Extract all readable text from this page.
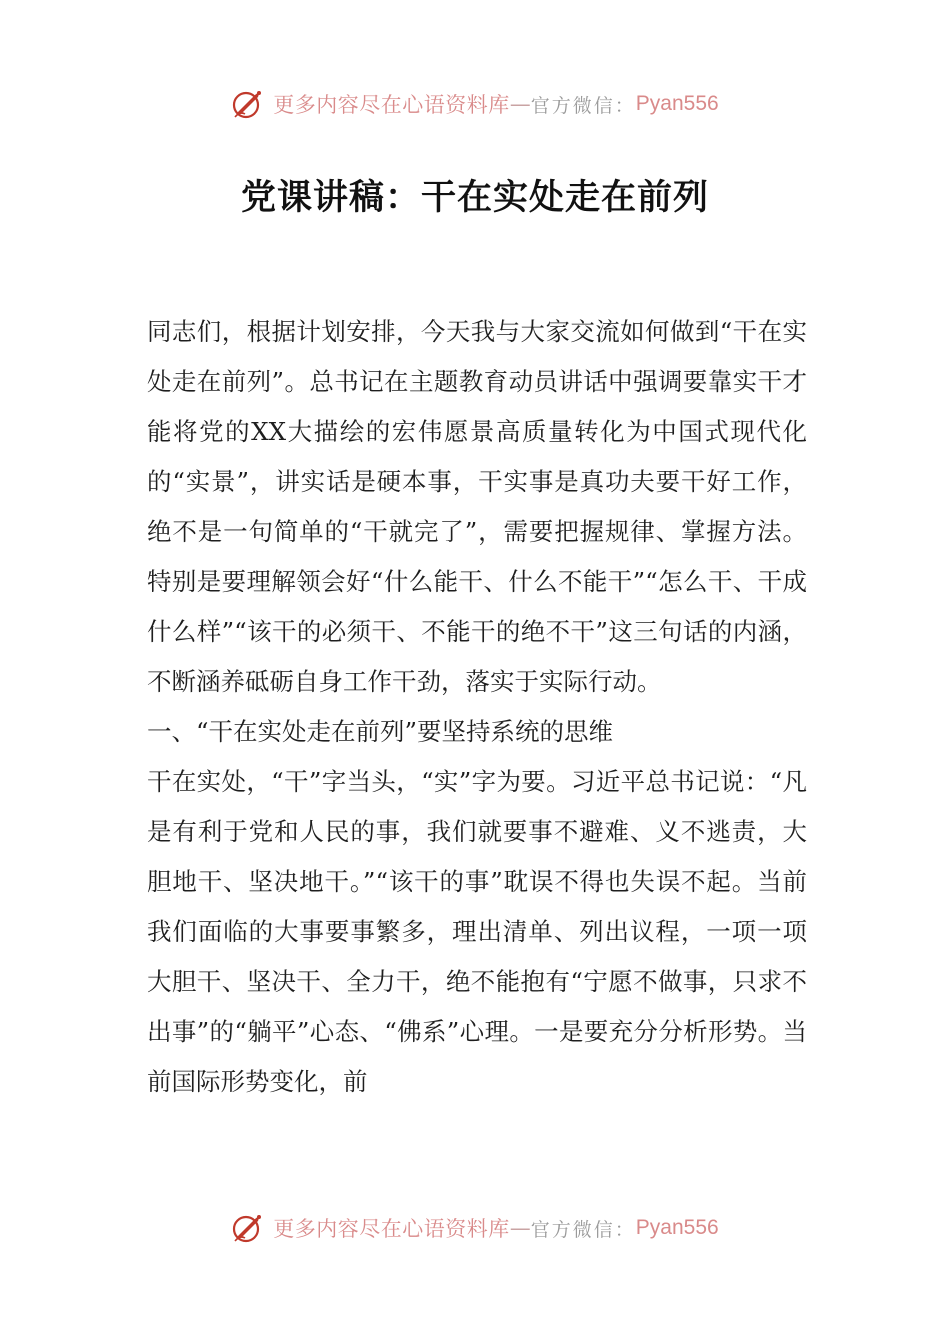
更多内容尽在心语资料库 — 官方微信： Pyan556
党课讲稿：干在实处走在前列

同志们，根据计划安排，今天我与大家交流如何做到“干在实处走在前列”。总书记在主题教育动员讲话中强调要靠实干才能将党的XX大描绘的宏伟愿景高质量转化为中国式现代化的“实景”，讲实话是硬本事，干实事是真功夫要干好工作，绝不是一句简单的“干就完了”，需要把握规律、掌握方法。特别是要理解领会好“什么能干、什么不能干”“怎么干、干成什么样”“该干的必须干、不能干的绝不干”这三句话的内涵，不断涵养砥砺自身工作干劲，落实于实际行动。

一、“干在实处走在前列”要坚持系统的思维

干在实处，“干”字当头，“实”字为要。习近平总书记说：“凡是有利于党和人民的事，我们就要事不避难、义不逃责，大胆地干、坚决地干。”“该干的事”耽误不得也失误不起。当前我们面临的大事要事繁多，理出清单、列出议程，一项一项大胆干、坚决干、全力干，绝不能抱有“宁愿不做事，只求不出事”的“躺平”心态、“佛系”心理。一是要充分分析形势。当前国际形势变化，前

更多内容尽在心语资料库 — 官方微信： Pyan556
